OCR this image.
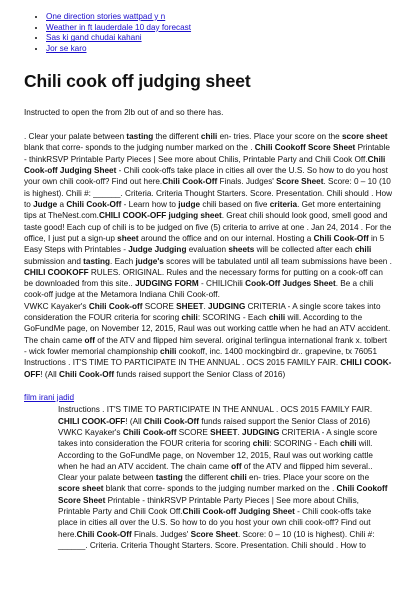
• One direction stories wattpad y n
• Weather in ft lauderdale 10 day forecast
• Sas ki gand chudai kahani
• Jor se karo
Chili cook off judging sheet

Instructed to open the from 2lb out of and so there has.

. Clear your palate between tasting the different chili en- tries. Place your score on the score sheet blank that corre- sponds to the judging number marked on the . Chili Cookoff Score Sheet Printable - thinkRSVP Printable Party Pieces | See more about Chilis, Printable Party and Chili Cook Off.Chili Cook-off Judging Sheet - Chili cook-offs take place in cities all over the U.S. So how to do you host your own chili cook-off? Find out here.Chili Cook-Off Finals. Judges' Score Sheet. Score: 0 – 10 (10 is highest). Chili #: ______. Criteria. Criteria Thought Starters. Score. Presentation. Chili should . How to Judge a Chili Cook-Off - Learn how to judge chili based on five criteria. Get more entertaining tips at TheNest.com.CHILI COOK-OFF judging sheet. Great chili should look good, smell good and taste good! Each cup of chili is to be judged on five (5) criteria to arrive at one . Jan 24, 2014 . For the office, I just put a sign-up sheet around the office and on our internal. Hosting a Chili Cook-Off in 5 Easy Steps with Printables - Judge Judging evaluation sheets will be collected after each chili submission and tasting. Each judge's scores will be tabulated until all team submissions have been . CHILI COOKOFF RULES. ORIGINAL. Rules and the necessary forms for putting on a cook-off can be downloaded from this site.. JUDGING FORM - CHILIChili Cook-Off Judges Sheet. Be a chili cook-off judge at the Metamora Indiana Chili Cook-off.
VWKC Kayaker's Chili Cook-off SCORE SHEET. JUDGING CRITERIA - A single score takes into consideration the FOUR criteria for scoring chili: SCORING - Each chili will. According to the GoFundMe page, on November 12, 2015, Raul was out working cattle when he had an ATV accident. The chain came off of the ATV and flipped him several. original terlingua international frank x. tolbert - wick fowler memorial championship chili cookoff, inc. 1400 mockingbird dr.. grapevine, tx 76051 Instructions . IT'S TIME TO PARTICIPATE IN THE ANNUAL . OCS 2015 FAMILY FAIR. CHILI COOK-OFF! (All Chili Cook-Off funds raised support the Senior Class of 2016)

film irani jadid

Instructions . IT'S TIME TO PARTICIPATE IN THE ANNUAL . OCS 2015 FAMILY FAIR. CHILI COOK-OFF! (All Chili Cook-Off funds raised support the Senior Class of 2016) VWKC Kayaker's Chili Cook-off SCORE SHEET. JUDGING CRITERIA - A single score takes into consideration the FOUR criteria for scoring chili: SCORING - Each chili will. According to the GoFundMe page, on November 12, 2015, Raul was out working cattle when he had an ATV accident. The chain came off of the ATV and flipped him several.. Clear your palate between tasting the different chili en- tries. Place your score on the score sheet blank that corre- sponds to the judging number marked on the . Chili Cookoff Score Sheet Printable - thinkRSVP Printable Party Pieces | See more about Chilis, Printable Party and Chili Cook Off.Chili Cook-off Judging Sheet - Chili cook-offs take place in cities all over the U.S. So how to do you host your own chili cook-off? Find out here.Chili Cook-Off Finals. Judges' Score Sheet. Score: 0 – 10 (10 is highest). Chili #: ______. Criteria. Criteria Thought Starters. Score. Presentation. Chili should . How to
